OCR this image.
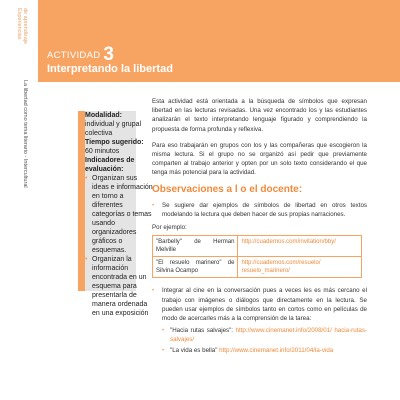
Experiencias de aprendizaje
La libertad como tema literario - Intercultural
ACTIVIDAD 3
Interpretando la libertad
Modalidad: individual y grupal colectiva
Tiempo sugerido:
60 minutos
Indicadores de evaluación:
• Organizan sus ideas e información en torno a diferentes categorías o temas usando organizadores gráficos o esquemas.
• Organizan la información encontrada en un esquema para presentarla de manera ordenada en una exposición

Esta actividad está orientada a la búsqueda de símbolos que expresan libertad en las lecturas revisadas. Una vez encontrado los y las estudiantes analizarán el texto interpretando lenguaje figurado y comprendiendo la propuesta de forma profunda y reflexiva.

Para eso trabajarán en grupos con los y las compañeras que escogieron la misma lectura. Si el grupo no se organizó así pedir que previamente comparten al trabajo anterior y opten por un solo texto considerando el que tenga más potencial para la actividad.

Observaciones a l o el docente:
• Se sugiere dar ejemplos de símbolos de libertad en otros textos modelando la lectura que deben hacer de sus propias narraciones.
Por ejemplo:
"Barbelly" de Herman Melville	http://cuadernos.com/invitation/bby/
"El resuelo marinero" de Silvina Ocampo	http://cuadernos.com/resuelo/ resuelo_marinero/
• Integrar al cine en la conversación pues a veces les es más cercano el trabajo con imágenes o diálogos que directamente en la lectura. Se pueden usar ejemplos de símbolos tanto en cortos como en películas de modo de acercarles más a la comprensión de la tarea:
• "Hacia rutas salvajes": http://www.cinemanet.info/2008/01/ hacia-rutas-salvajes/
• "La vida es bella" http://www.cinemanet.info/2011/04/la-vida
